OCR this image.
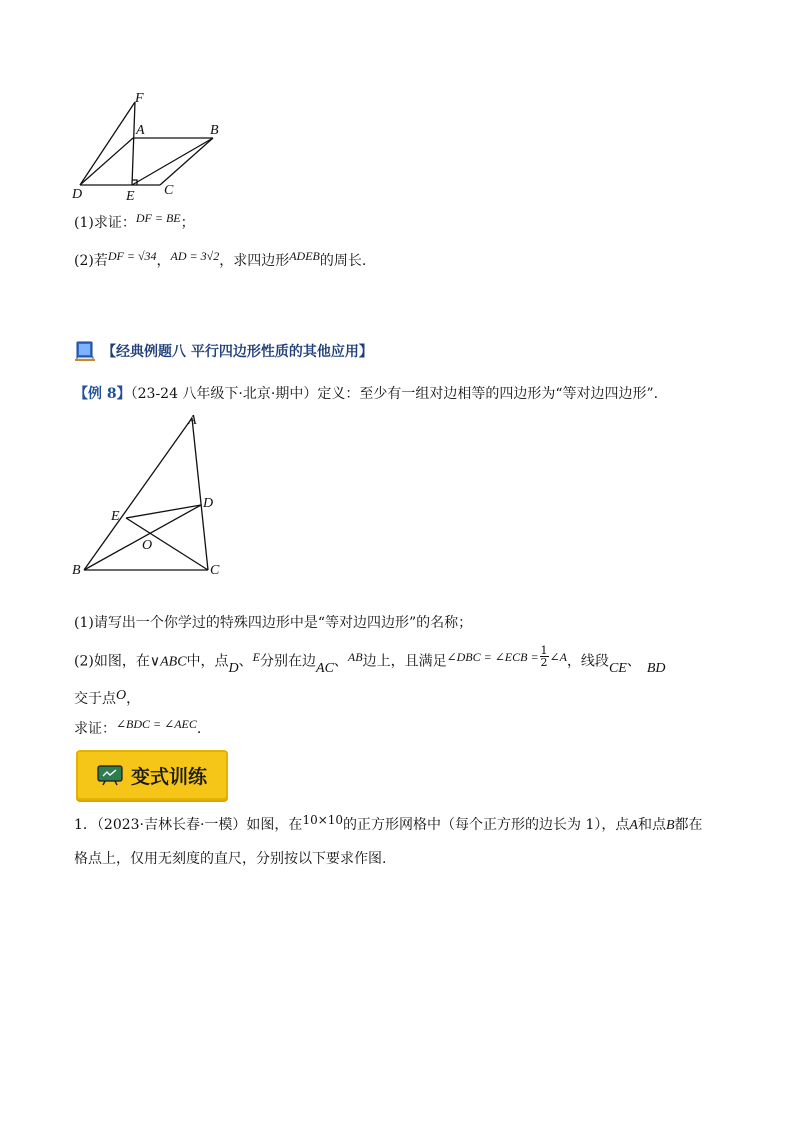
F
A	B
D	E C
(1)求证：DF = BE；
(2)若DF = √34，AD = 3√2，求四边形ADEB的周长.
【经典例题八 平行四边形性质的其他应用】
【例 8】（23-24 八年级下·北京·期中）定义：至少有一组对边相等的四边形为“等对边四边形”.
A
D
E
O
B	C
(1)请写出一个你学过的特殊四边形中是“等对边四边形”的名称；
(2)如图，在∨ABC中，点D、E分别在边AC、AB边上，且满足∠DBC = ∠ECB = $\frac{1}{2}$ ∠A，线段CE、 BD
交于点O，
求证：∠BDC = ∠AEC.
变式训练
1．（2023·吉林长春·一模）如图，在10×10的正方形网格中（每个正方形的边长为 1），点A和点B都在
格点上，仅用无刻度的直尺，分别按以下要求作图.
